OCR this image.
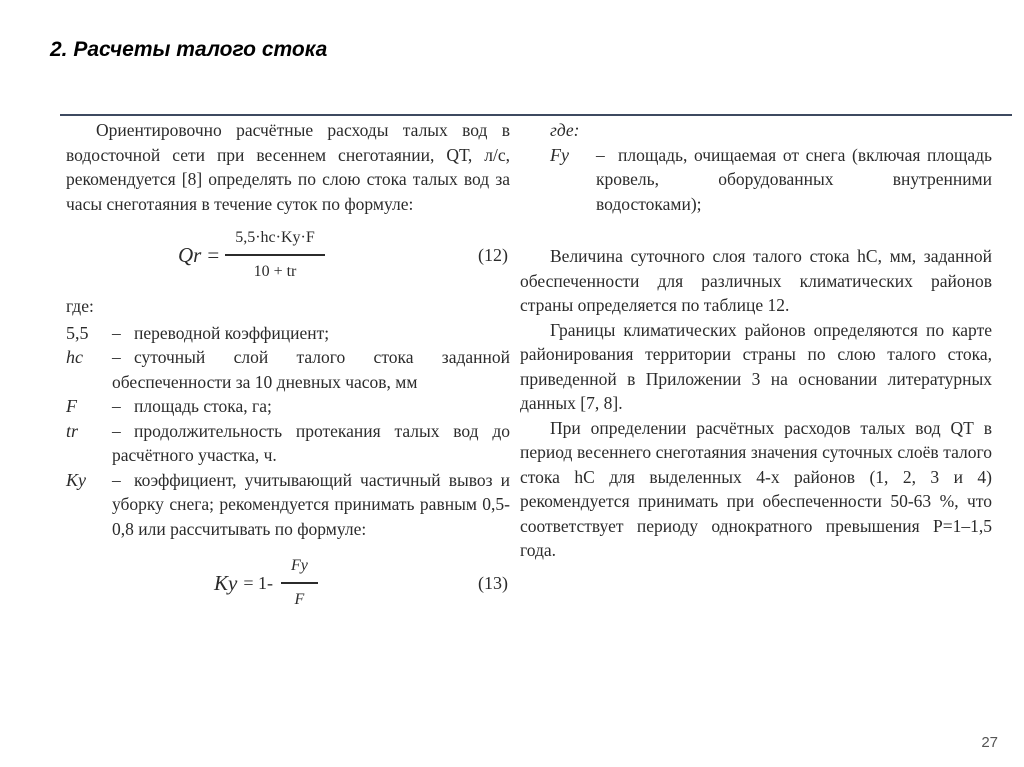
2. Расчеты талого стока

Ориентировочно расчётные расходы талых вод в водосточной сети при весеннем снеготаянии, QТ, л/с, рекомендуется [8] определять по слою стока талых вод за часы снеготаяния в течение суток по формуле:

$Qr = \frac{5,5\cdot hc\cdot Ky\cdot F}{10 + tr}$	(12)
где:
5,5	– переводной коэффициент;
hc	– суточный слой талого стока заданной обеспеченности за 10 дневных часов, мм
F	– площадь стока, га;
tr	– продолжительность протекания талых вод до расчётного участка, ч.
Ky	– коэффициент, учитывающий частичный вывоз и уборку снега; рекомендуется принимать равным 0,5-0,8 или рассчитывать по формуле:
$Ky = 1- \frac{Fy}{F}$	(13)
где:
Fy	– площадь, очищаемая от снега (включая площадь кровель, оборудованных внутренними водостоками);

Величина суточного слоя талого стока hС, мм, заданной обеспеченности для различных климатических районов страны определяется по таблице 12.

Границы климатических районов определяются по карте районирования территории страны по слою талого стока, приведенной в Приложении 3 на основании литературных данных [7, 8].

При определении расчётных расходов талых вод QТ в период весеннего снеготаяния значения суточных слоёв талого стока hС для выделенных 4-х районов (1, 2, 3 и 4) рекомендуется принимать при обеспеченности 50-63 %, что соответствует периоду однократного превышения P=1–1,5 года.

27
